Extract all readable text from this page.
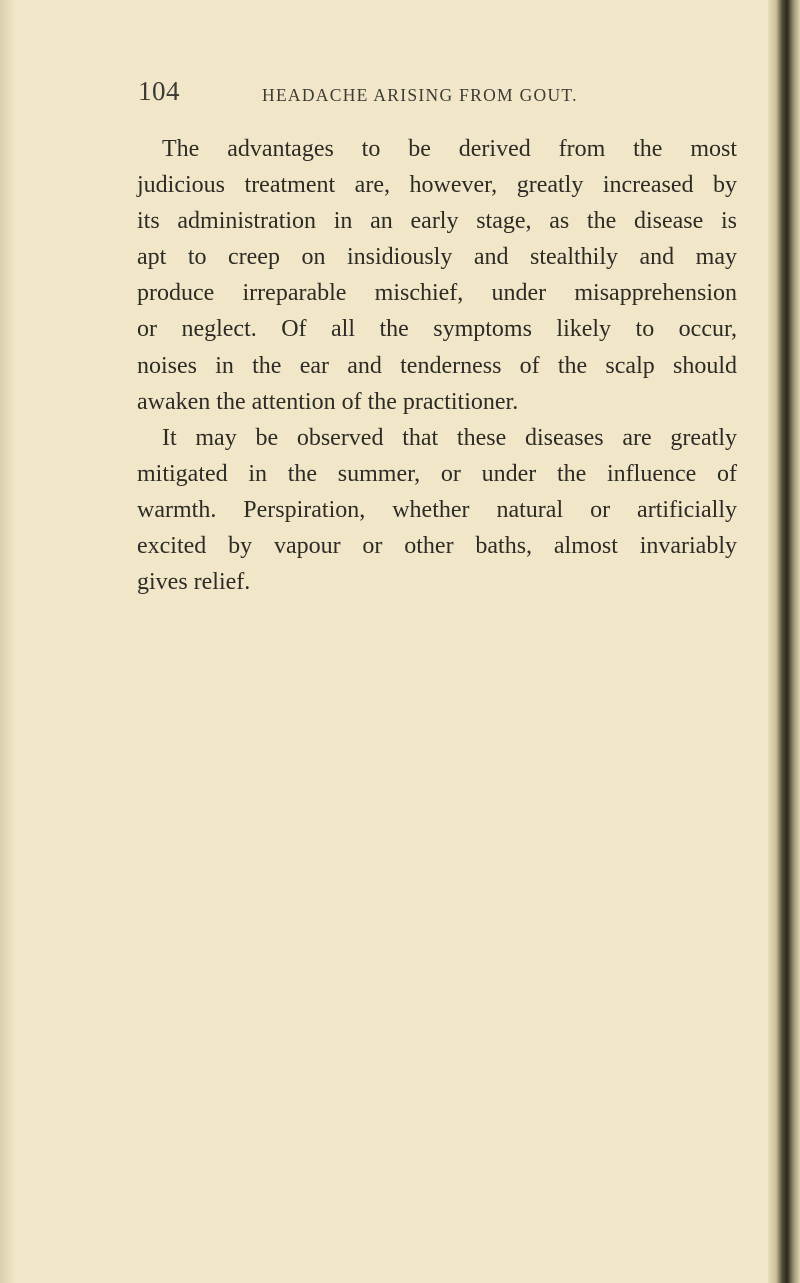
104	HEADACHE ARISING FROM GOUT.
The advantages to be derived from the most
judicious treatment are, however, greatly increased by
its administration in an early stage, as the disease is
apt to creep on insidiously and stealthily and may
produce irreparable mischief, under misapprehension
or neglect. Of all the symptoms likely to occur,
noises in the ear and tenderness of the scalp should
awaken the attention of the practitioner.
It may be observed that these diseases are greatly
mitigated in the summer, or under the influence of
warmth. Perspiration, whether natural or artificially
excited by vapour or other baths, almost invariably
gives relief.
